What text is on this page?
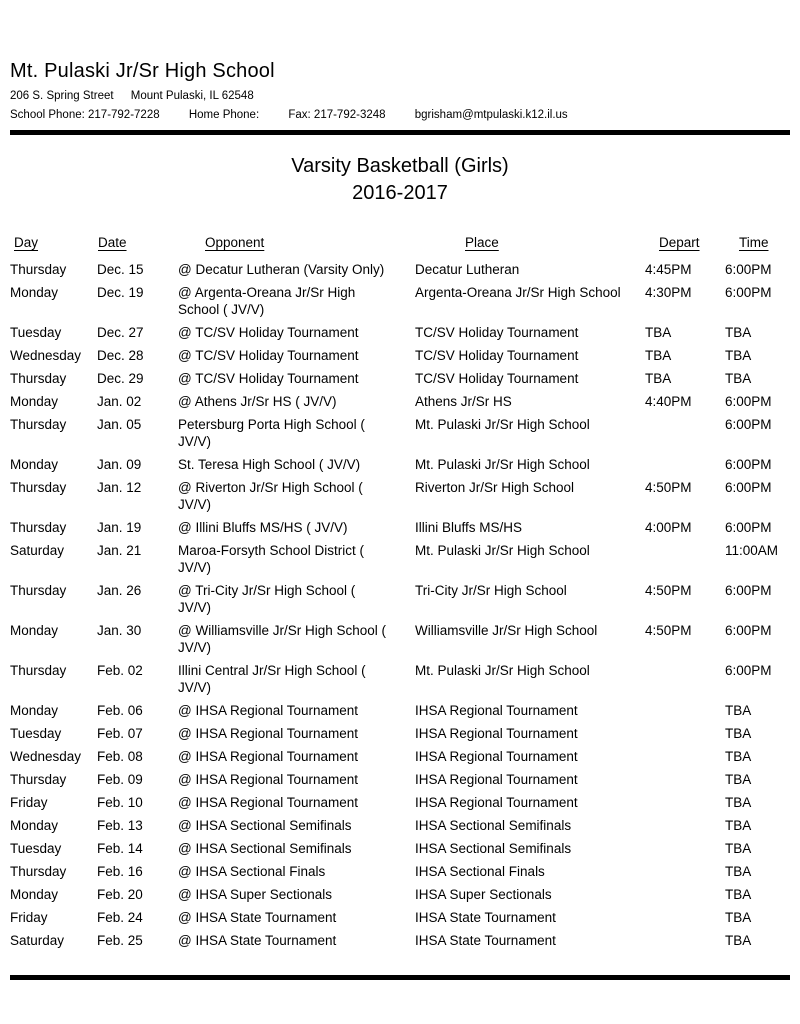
Mt. Pulaski Jr/Sr High School
206 S. Spring Street Mount Pulaski, IL 62548
School Phone: 217-792-7228	Home Phone:	Fax: 217-792-3248	bgrisham@mtpulaski.k12.il.us
Varsity Basketball (Girls)
2016-2017
Day	Date	Opponent	Place	Depart	Time
Thursday	Dec. 15	@ Decatur Lutheran (Varsity Only)	Decatur Lutheran	4:45PM	6:00PM
Monday	Dec. 19	@ Argenta-Oreana Jr/Sr High School ( JV/V)	Argenta-Oreana Jr/Sr High School	4:30PM	6:00PM
Tuesday	Dec. 27	@ TC/SV Holiday Tournament	TC/SV Holiday Tournament	TBA	TBA
Wednesday	Dec. 28	@ TC/SV Holiday Tournament	TC/SV Holiday Tournament	TBA	TBA
Thursday	Dec. 29	@ TC/SV Holiday Tournament	TC/SV Holiday Tournament	TBA	TBA
Monday	Jan. 02	@ Athens Jr/Sr HS ( JV/V)	Athens Jr/Sr HS	4:40PM	6:00PM
Thursday	Jan. 05	Petersburg Porta High School ( JV/V)	Mt. Pulaski Jr/Sr High School		6:00PM
Monday	Jan. 09	St. Teresa High School ( JV/V)	Mt. Pulaski Jr/Sr High School		6:00PM
Thursday	Jan. 12	@ Riverton Jr/Sr High School ( JV/V)	Riverton Jr/Sr High School	4:50PM	6:00PM
Thursday	Jan. 19	@ Illini Bluffs MS/HS ( JV/V)	Illini Bluffs MS/HS	4:00PM	6:00PM
Saturday	Jan. 21	Maroa-Forsyth School District ( JV/V)	Mt. Pulaski Jr/Sr High School		11:00AM
Thursday	Jan. 26	@ Tri-City Jr/Sr High School ( JV/V)	Tri-City Jr/Sr High School	4:50PM	6:00PM
Monday	Jan. 30	@ Williamsville Jr/Sr High School ( JV/V)	Williamsville Jr/Sr High School	4:50PM	6:00PM
Thursday	Feb. 02	Illini Central Jr/Sr High School ( JV/V)	Mt. Pulaski Jr/Sr High School		6:00PM
Monday	Feb. 06	@ IHSA Regional Tournament	IHSA Regional Tournament		TBA
Tuesday	Feb. 07	@ IHSA Regional Tournament	IHSA Regional Tournament		TBA
Wednesday	Feb. 08	@ IHSA Regional Tournament	IHSA Regional Tournament		TBA
Thursday	Feb. 09	@ IHSA Regional Tournament	IHSA Regional Tournament		TBA
Friday	Feb. 10	@ IHSA Regional Tournament	IHSA Regional Tournament		TBA
Monday	Feb. 13	@ IHSA Sectional Semifinals	IHSA Sectional Semifinals		TBA
Tuesday	Feb. 14	@ IHSA Sectional Semifinals	IHSA Sectional Semifinals		TBA
Thursday	Feb. 16	@ IHSA Sectional Finals	IHSA Sectional Finals		TBA
Monday	Feb. 20	@ IHSA Super Sectionals	IHSA Super Sectionals		TBA
Friday	Feb. 24	@ IHSA State Tournament	IHSA State Tournament		TBA
Saturday	Feb. 25	@ IHSA State Tournament	IHSA State Tournament		TBA
